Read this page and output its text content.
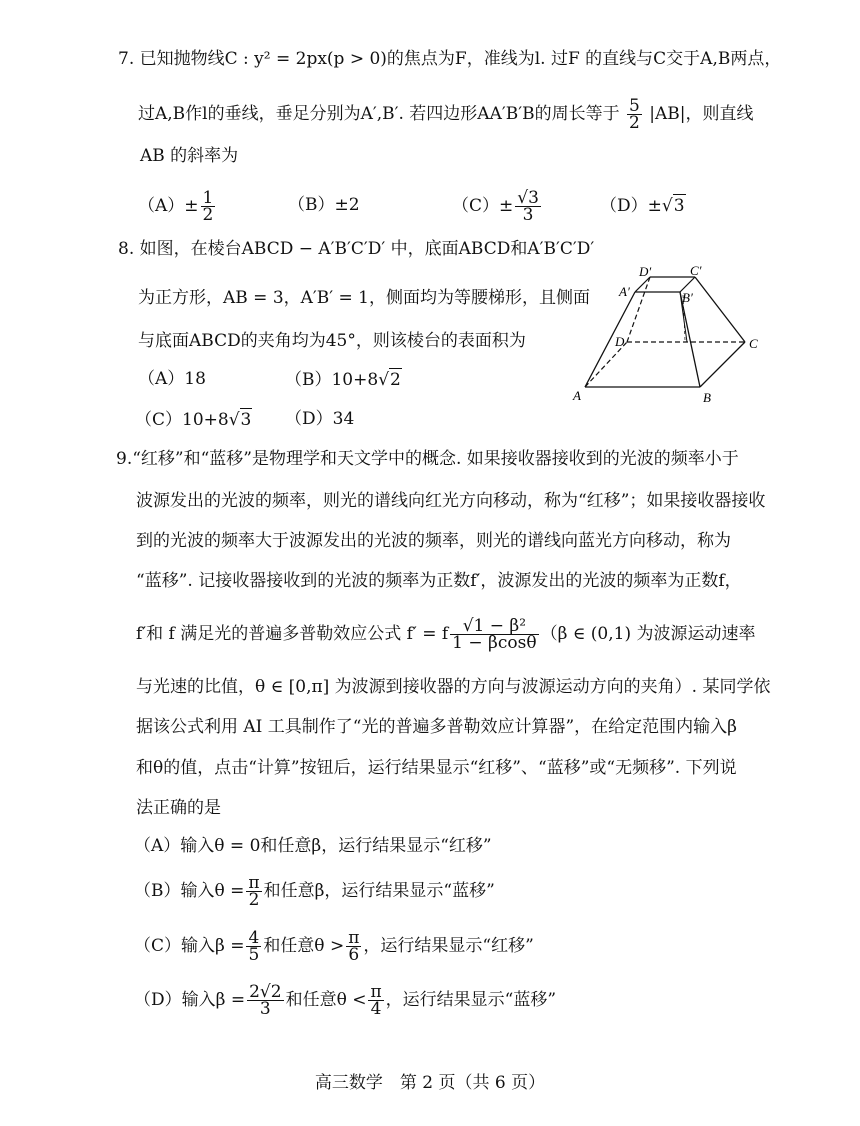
7. 已知抛物线C : y² = 2px(p > 0)的焦点为F，准线为l. 过F 的直线与C交于A,B两点，
过A,B作l的垂线，垂足分别为A′,B′. 若四边形AA′B′B的周长等于 $\frac{5}{2} |AB|$，则直线
AB 的斜率为
$(A)\pm \frac{1}{2}$	（B）±2	$(C)\pm \frac{√3}{3}$	（D）±√3
8. 如图，在棱台ABCD − A′B′C′D′ 中，底面ABCD和A′B′C′D′
为正方形，AB = 3，A′B′ = 1，侧面均为等腰梯形，且侧面
与底面ABCD的夹角均为45°，则该棱台的表面积为
（A）18	（B）10+8√2
（C）10+8√3 （D）34
D′	C′
A′	B′
D	C
A	B
9.“红移”和“蓝移”是物理学和天文学中的概念. 如果接收器接收到的光波的频率小于
波源发出的光波的频率，则光的谱线向红光方向移动，称为“红移”；如果接收器接收
到的光波的频率大于波源发出的光波的频率，则光的谱线向蓝光方向移动，称为
“蓝移”. 记接收器接收到的光波的频率为正数f′，波源发出的光波的频率为正数f，
f′和 f 满足光的普遍多普勒效应公式 f′ = f $\frac{\text{√1 − β²}}{1 - \beta\cos\theta} (\beta$ ∈ (0,1) 为波源运动速率
与光速的比值，θ ∈ [0,π] 为波源到接收器的方向与波源运动方向的夹角）. 某同学依
据该公式利用 AI 工具制作了“光的普遍多普勒效应计算器”，在给定范围内输入β
和θ的值，点击“计算”按钮后，运行结果显示“红移”、“蓝移”或“无频移”. 下列说
法正确的是
（A）输入θ = 0和任意β，运行结果显示“红移”
（B）输入$\theta = \frac{\pi}{2}$ 和任意β，运行结果显示“蓝移”
（C）输入$\beta = \frac{4}{5}$ 和任意$\theta > \frac{\pi}{6}$ ，运行结果显示“红移”
（D）输入$\beta = \frac{2√2}{3}$ 和任意$\theta < \frac{\pi}{4}$ ，运行结果显示“蓝移”
高三数学　第 2 页（共 6 页）
